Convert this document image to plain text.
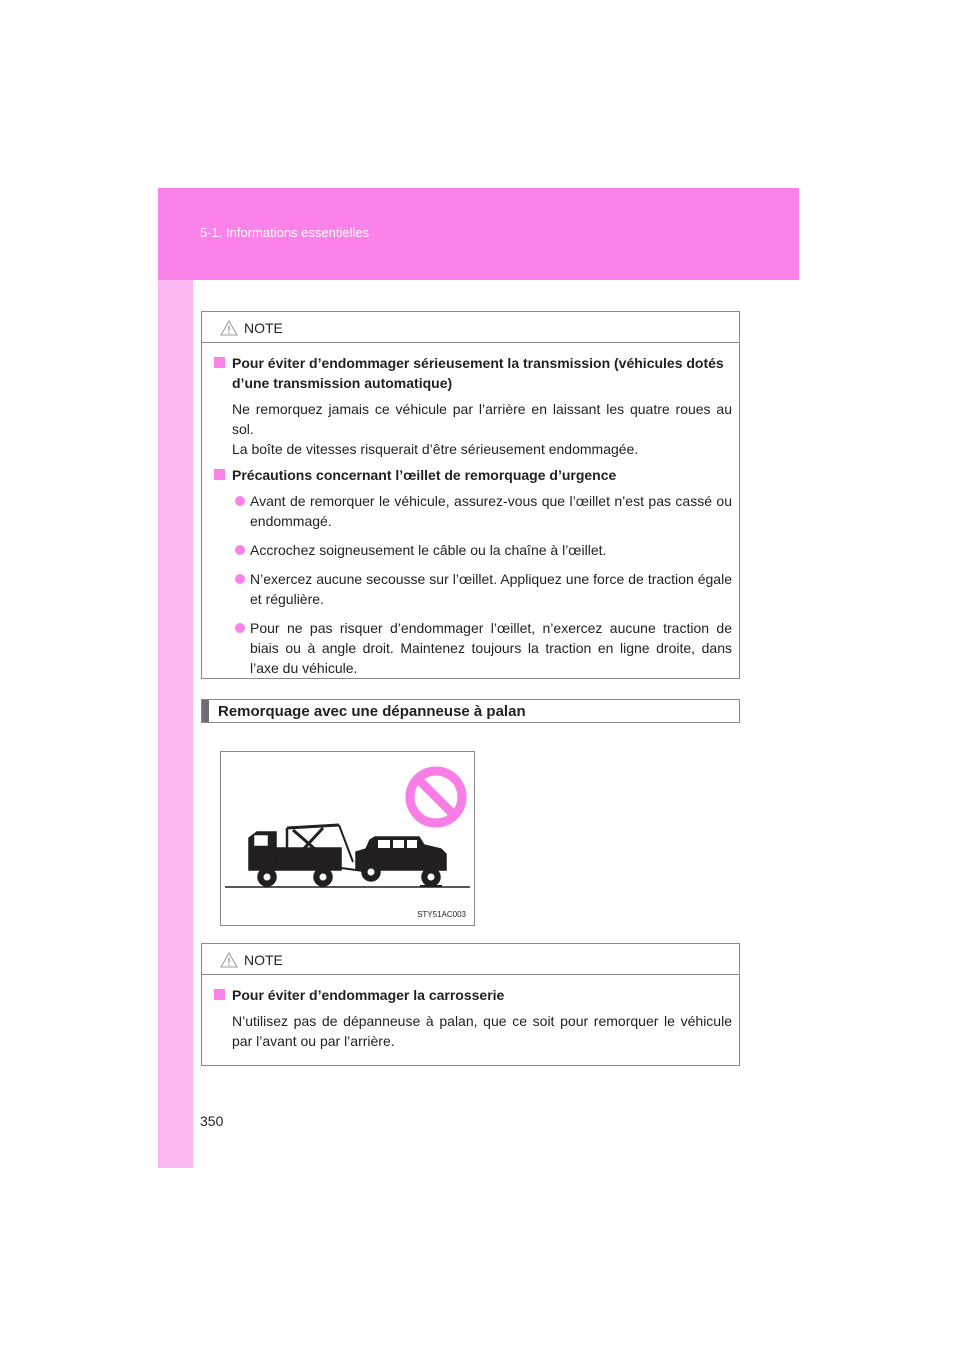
5-1. Informations essentielles
NOTE
Pour éviter d’endommager sérieusement la transmission (véhicules dotés d’une transmission automatique)
Ne remorquez jamais ce véhicule par l’arrière en laissant les quatre roues au sol.
La boîte de vitesses risquerait d’être sérieusement endommagée.
Précautions concernant l’œillet de remorquage d’urgence
Avant de remorquer le véhicule, assurez-vous que l’œillet n’est pas cassé ou endommagé.
Accrochez soigneusement le câble ou la chaîne à l’œillet.
N’exercez aucune secousse sur l’œillet. Appliquez une force de traction égale et régulière.
Pour ne pas risquer d’endommager l’œillet, n’exercez aucune traction de biais ou à angle droit. Maintenez toujours la traction en ligne droite, dans l’axe du véhicule.
Remorquage avec une dépanneuse à palan
STY51AC003
NOTE
Pour éviter d’endommager la carrosserie
N’utilisez pas de dépanneuse à palan, que ce soit pour remorquer le véhicule par l’avant ou par l’arrière.
350
